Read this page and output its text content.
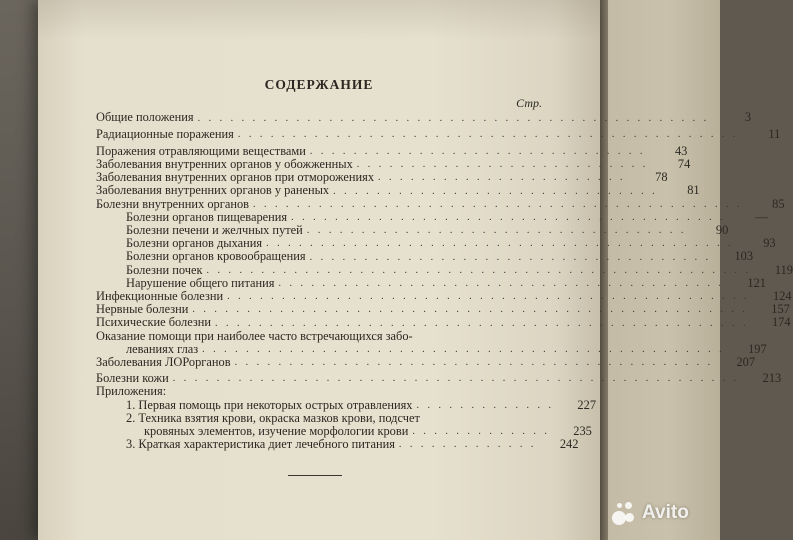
СОДЕРЖАНИЕ
Стр.
Общие положения . . . . . . . . . . . . . . . . . . . . . . . . . . . . . . . . . . . . . . . . . . . . . . .	3
Радиационные поражения . . . . . . . . . . . . . . . . . . . . . . . . . . . . . . . . . . . . . . . . . . . . . .	11
Поражения отравляющими веществами . . . . . . . . . . . . . . . . . . . . . . . . . . . . . . .	43
Заболевания внутренних органов у обожженных . . . . . . . . . . . . . . . . . . . . . . . . . . .	74
Заболевания внутренних органов при отморожениях . . . . . . . . . . . . . . . . . . . . . . .	78
Заболевания внутренних органов у раненых . . . . . . . . . . . . . . . . . . . . . . . . . . . . . .	81
Болезни внутренних органов . . . . . . . . . . . . . . . . . . . . . . . . . . . . . . . . . . . . . . . . . . . . .	85
Болезни органов пищеварения . . . . . . . . . . . . . . . . . . . . . . . . . . . . . . . . . . . . . . . .	—
Болезни печени и желчных путей . . . . . . . . . . . . . . . . . . . . . . . . . . . . . . . . . . .	90
Болезни органов дыхания . . . . . . . . . . . . . . . . . . . . . . . . . . . . . . . . . . . . . . . . . . .	93
Болезни органов кровообращения . . . . . . . . . . . . . . . . . . . . . . . . . . . . . . . . . . . . .	103
Болезни почек . . . . . . . . . . . . . . . . . . . . . . . . . . . . . . . . . . . . . . . . . . . . . . . . . .	119
Нарушение общего питания . . . . . . . . . . . . . . . . . . . . . . . . . . . . . . . . . . . . . . . . .	121
Инфекционные болезни . . . . . . . . . . . . . . . . . . . . . . . . . . . . . . . . . . . . . . . . . . . . . . . .	124
Нервные болезни . . . . . . . . . . . . . . . . . . . . . . . . . . . . . . . . . . . . . . . . . . . . . . . . . . .	157
Психические болезни . . . . . . . . . . . . . . . . . . . . . . . . . . . . . . . . . . . . . . . . . . . . . . . . .	174
Оказание помощи при наиболее часто встречающихся забо-
леваниях глаз . . . . . . . . . . . . . . . . . . . . . . . . . . . . . . . . . . . . . . . . . . . . . . . .	197
Заболевания ЛОРорганов . . . . . . . . . . . . . . . . . . . . . . . . . . . . . . . . . . . . . . . . . . . .	207
Болезни кожи . . . . . . . . . . . . . . . . . . . . . . . . . . . . . . . . . . . . . . . . . . . . . . . . . . . .	213
Приложения:
1. Первая помощь при некоторых острых отравлениях . . . . . . . . . . . . .	227
2. Техника взятия крови, окраска мазков крови, подсчет
кровяных элементов, изучение морфологии крови . . . . . . . . . . . . .	235
3. Краткая характеристика диет лечебного питания . . . . . . . . . . . . .	242
Avito
